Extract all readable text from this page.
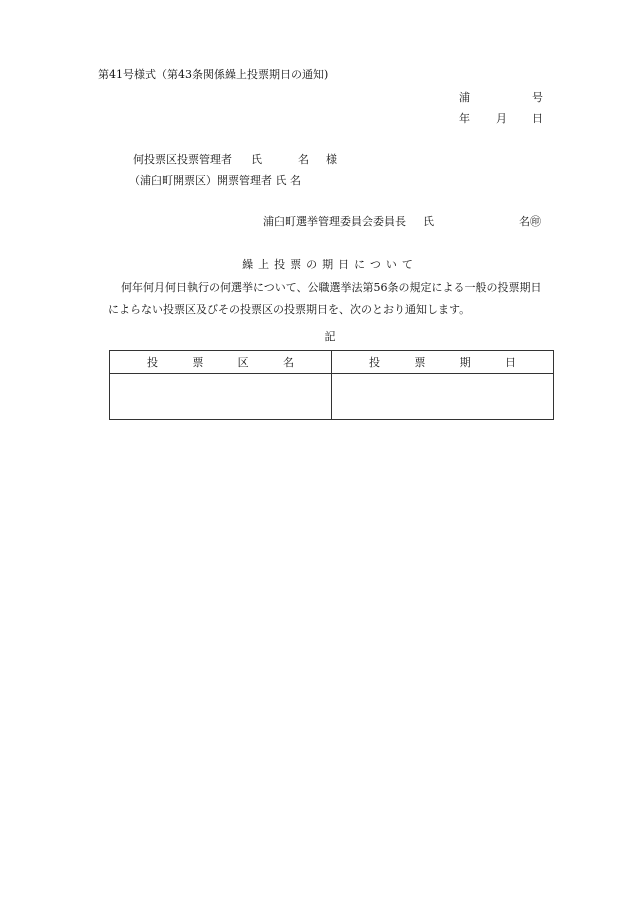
第41号様式（第43条関係繰上投票期日の通知)
浦	号
年 月 日
何投票区投票管理者 氏	名 様
（浦臼町開票区）開票管理者 氏 名
浦臼町選挙管理委員会委員長 氏	名㊞
繰上投票の期日について
何年何月何日執行の何選挙について、公職選挙法第56条の規定による一般の投票期日
によらない投票区及びその投票区の投票期日を、次のとおり通知します。
記
投 票 区 名	投 票 期 日
